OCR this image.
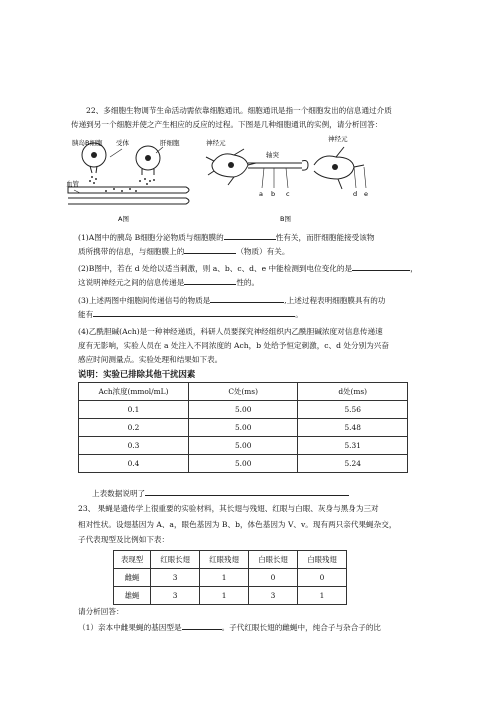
22、多细胞生物调节生命活动需依靠细胞通讯。细胞通讯是指一个细胞发出的信息通过介质
传递到另一个细胞并使之产生相应的反应的过程。下图是几种细胞通讯的实例，请分析回答：
胰岛B细胞 受体	肝细胞
血管
A图
神经元
轴突
神经元
a b c	d e
B图
(1)A图中的胰岛 B细胞分泌物质与细胞膜的	性有关，而肝细胞能接受该物
质所携带的信息，与细胞膜上的	（物质）有关。
(2)B图中，若在 d 处给以适当刺激，则 a、b、c、d、e 中能检测到电位变化的是	，
这说明神经元之间的信息传递是	性的。
(3)上述两图中细胞间传递信号的物质是	,上述过程表明细胞膜具有的功
能有	。
(4)乙酰胆碱(Ach)是一种神经递质，科研人员要探究神经组织内乙酰胆碱浓度对信息传递速
度有无影响，实验人员在 a 处注入不同浓度的 Ach，b 处给予恒定刺激，c、d 处分别为兴奋
感应时间测量点。实验处理和结果如下表。
说明：实验已排除其他干扰因素
Ach浓度(mmol/mL)	C处(ms)	d处(ms)
0.1	5.00	5.56
0.2	5.00	5.48
0.3	5.00	5.31
0.4	5.00	5.24
上表数据说明了
23、 果蝇是遗传学上很重要的实验材料，其长翅与残翅、红眼与白眼、灰身与黑身为三对
相对性状。设翅基因为 A、a，眼色基因为 B、b，体色基因为 V、v。现有两只亲代果蝇杂交，
子代表现型及比例如下表：
表现型	红眼长翅	红眼残翅	白眼长翅	白眼残翅
雌蝇	3	1	0	0
雄蝇	3	1	3	1
请分析回答：
（1）亲本中雌果蝇的基因型是	。子代红眼长翅的雌蝇中，纯合子与杂合子的比
